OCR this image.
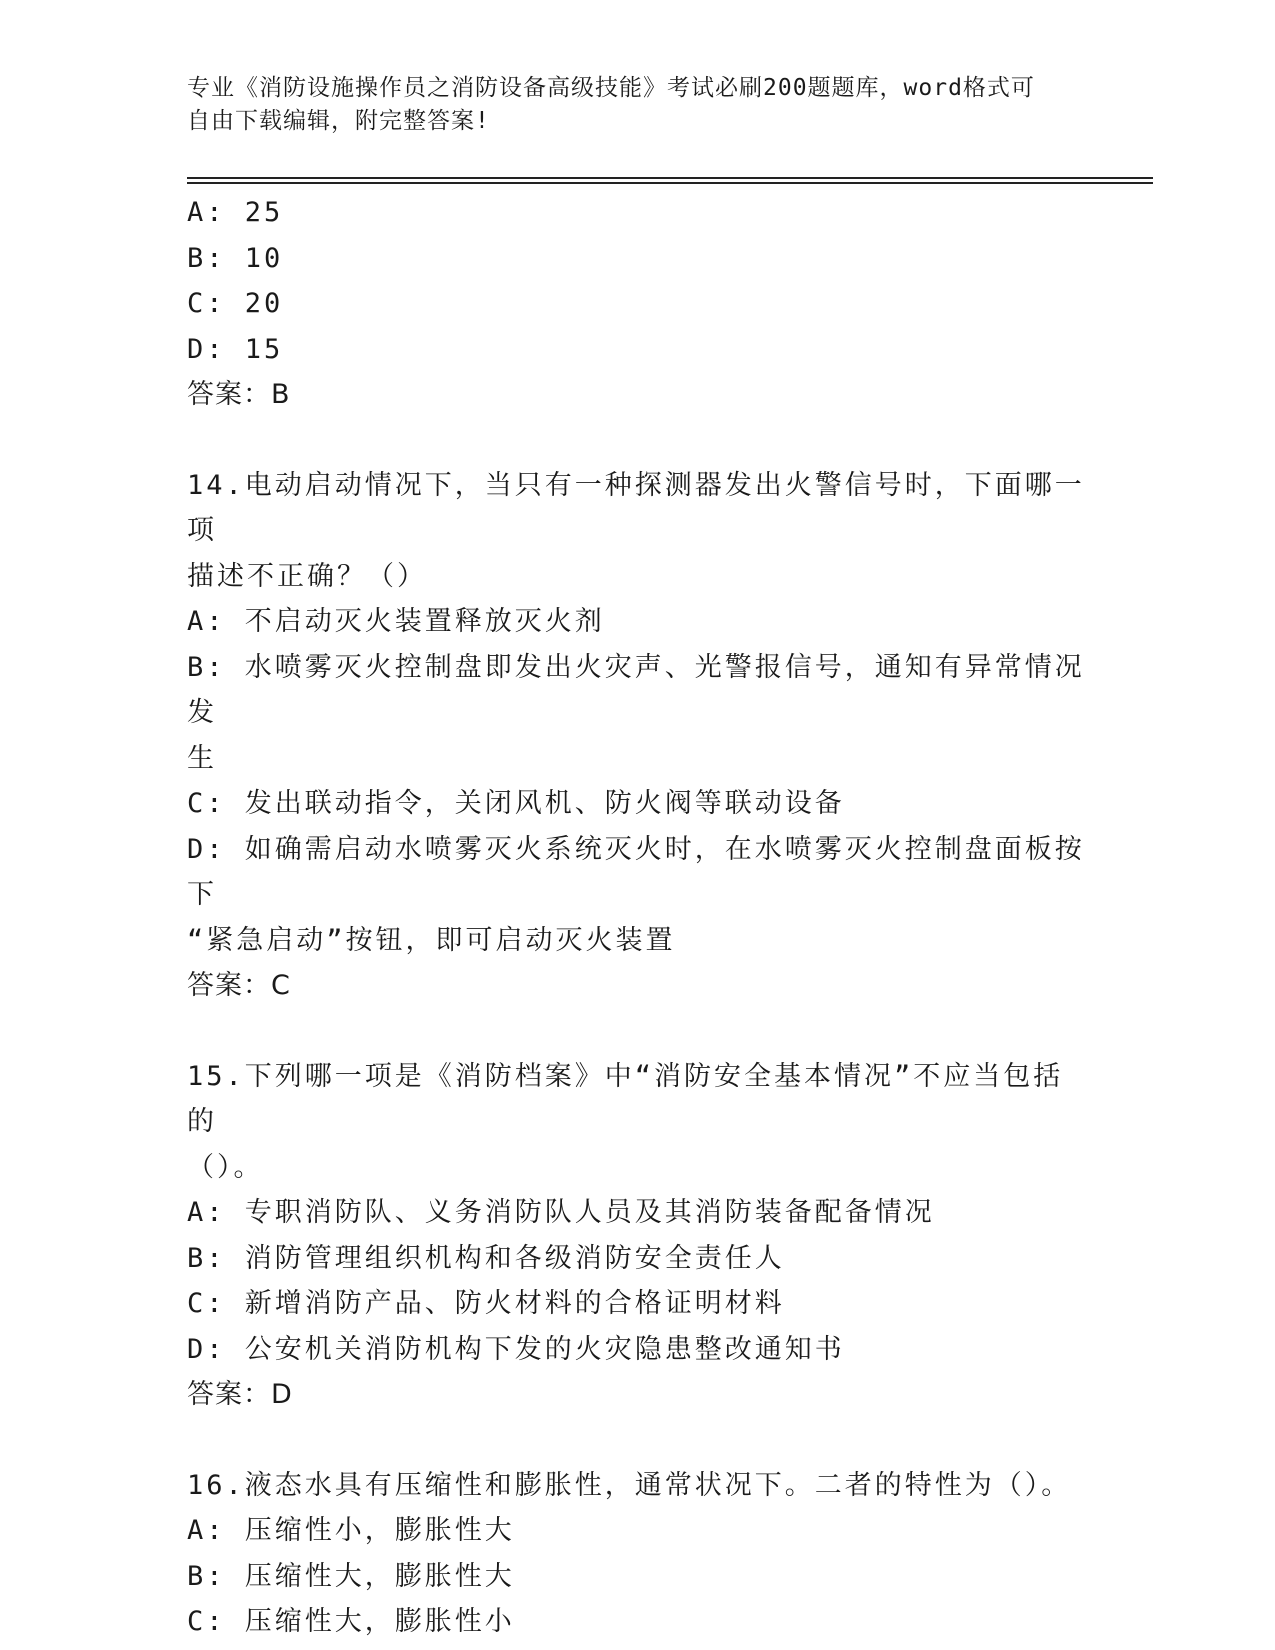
专业《消防设施操作员之消防设备高级技能》考试必刷200题题库，word格式可
自由下载编辑，附完整答案!
A: 25
B: 10
C: 20
D: 15
答案：B
14.电动启动情况下，当只有一种探测器发出火警信号时，下面哪一项
描述不正确？（）
A: 不启动灭火装置释放灭火剂
B: 水喷雾灭火控制盘即发出火灾声、光警报信号，通知有异常情况发
生
C: 发出联动指令，关闭风机、防火阀等联动设备
D: 如确需启动水喷雾灭火系统灭火时，在水喷雾灭火控制盘面板按下
“紧急启动”按钮，即可启动灭火装置
答案：C
15.下列哪一项是《消防档案》中“消防安全基本情况”不应当包括的
（）。
A: 专职消防队、义务消防队人员及其消防装备配备情况
B: 消防管理组织机构和各级消防安全责任人
C: 新增消防产品、防火材料的合格证明材料
D: 公安机关消防机构下发的火灾隐患整改通知书
答案：D
16.液态水具有压缩性和膨胀性，通常状况下。二者的特性为（）。
A: 压缩性小，膨胀性大
B: 压缩性大，膨胀性大
C: 压缩性大，膨胀性小
